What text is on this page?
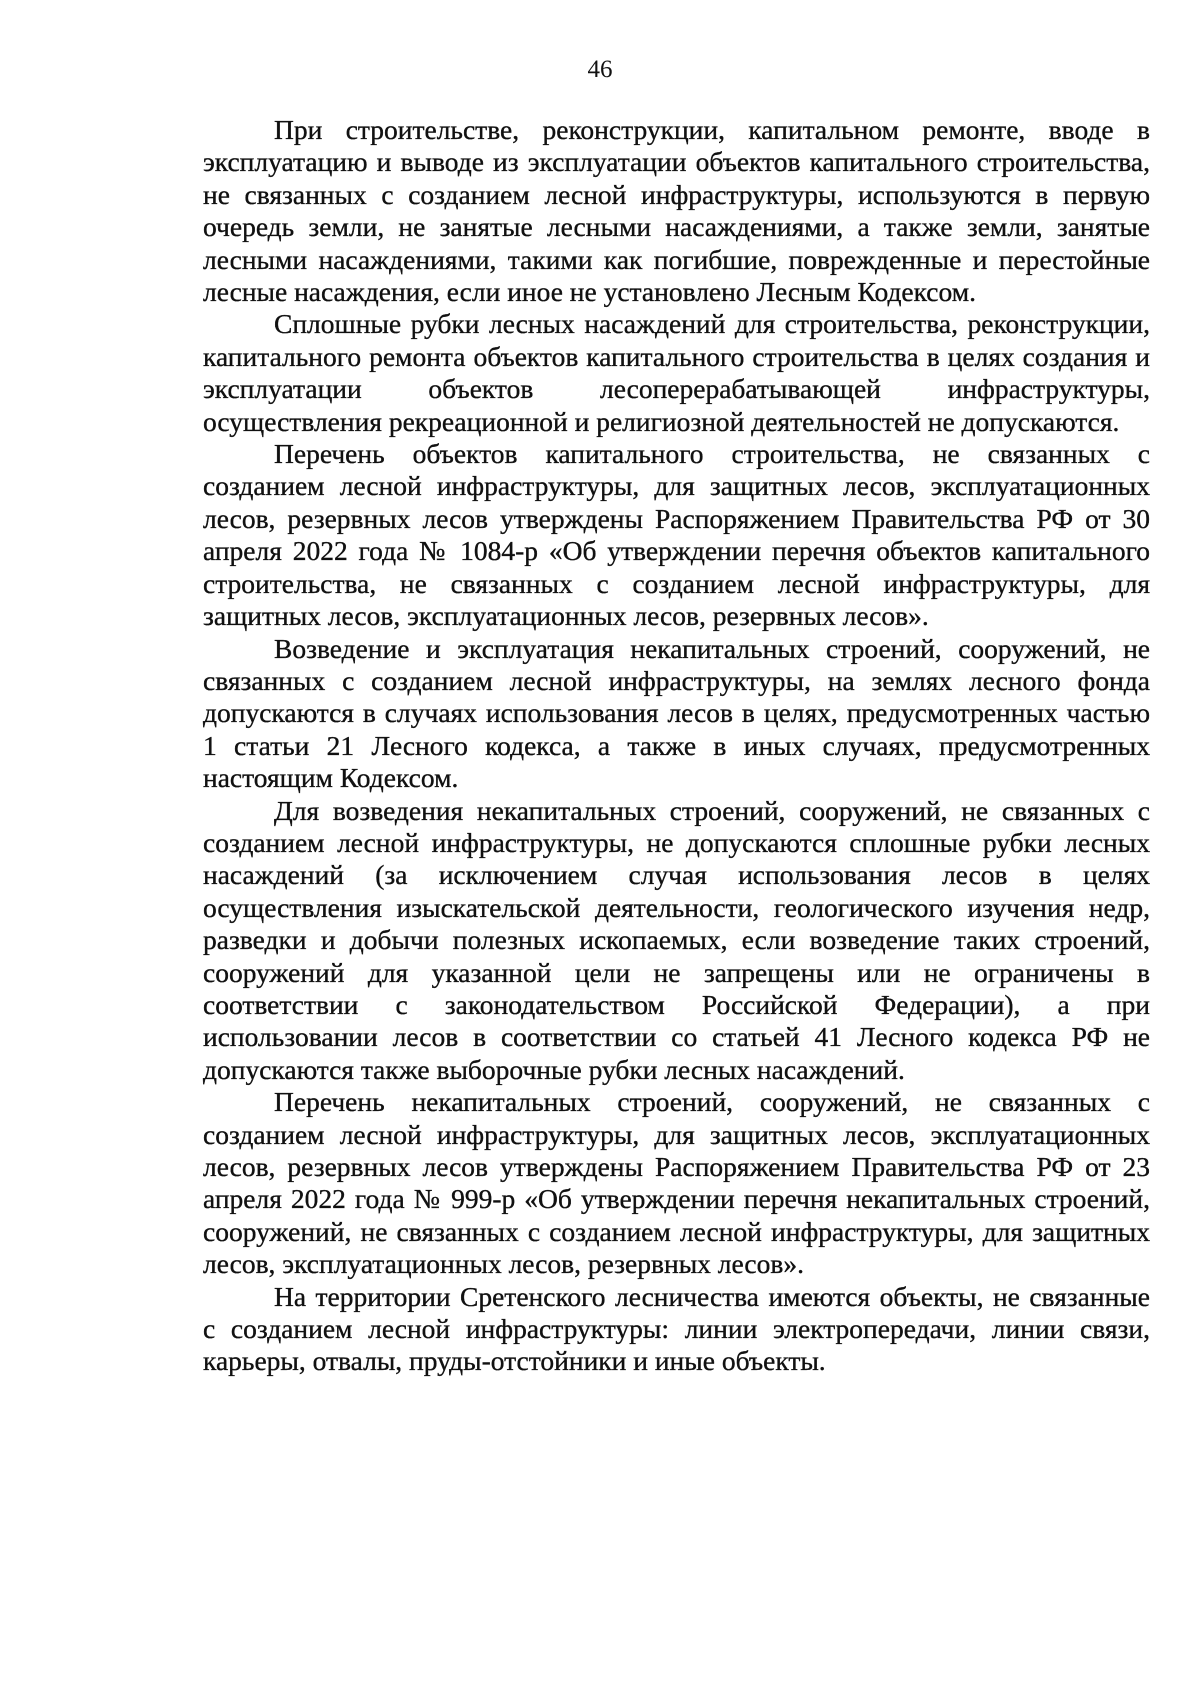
46

При строительстве, реконструкции, капитальном ремонте, вводе в эксплуатацию и выводе из эксплуатации объектов капитального строительства, не связанных с созданием лесной инфраструктуры, используются в первую очередь земли, не занятые лесными насаждениями, а также земли, занятые лесными насаждениями, такими как погибшие, поврежденные и перестойные лесные насаждения, если иное не установлено Лесным Кодексом.

Сплошные рубки лесных насаждений для строительства, реконструкции, капитального ремонта объектов капитального строительства в целях создания и эксплуатации объектов лесоперерабатывающей инфраструктуры, осуществления рекреационной и религиозной деятельностей не допускаются.

Перечень объектов капитального строительства, не связанных с созданием лесной инфраструктуры, для защитных лесов, эксплуатационных лесов, резервных лесов утверждены Распоряжением Правительства РФ от 30 апреля 2022 года № 1084-р «Об утверждении перечня объектов капитального строительства, не связанных с созданием лесной инфраструктуры, для защитных лесов, эксплуатационных лесов, резервных лесов».

Возведение и эксплуатация некапитальных строений, сооружений, не связанных с созданием лесной инфраструктуры, на землях лесного фонда допускаются в случаях использования лесов в целях, предусмотренных частью 1 статьи 21 Лесного кодекса, а также в иных случаях, предусмотренных настоящим Кодексом.

Для возведения некапитальных строений, сооружений, не связанных с созданием лесной инфраструктуры, не допускаются сплошные рубки лесных насаждений (за исключением случая использования лесов в целях осуществления изыскательской деятельности, геологического изучения недр, разведки и добычи полезных ископаемых, если возведение таких строений, сооружений для указанной цели не запрещены или не ограничены в соответствии с законодательством Российской Федерации), а при использовании лесов в соответствии со статьей 41 Лесного кодекса РФ не допускаются также выборочные рубки лесных насаждений.

Перечень некапитальных строений, сооружений, не связанных с созданием лесной инфраструктуры, для защитных лесов, эксплуатационных лесов, резервных лесов утверждены Распоряжением Правительства РФ от 23 апреля 2022 года № 999-р «Об утверждении перечня некапитальных строений, сооружений, не связанных с созданием лесной инфраструктуры, для защитных лесов, эксплуатационных лесов, резервных лесов».

На территории Сретенского лесничества имеются объекты, не связанные с созданием лесной инфраструктуры: линии электропередачи, линии связи, карьеры, отвалы, пруды-отстойники и иные объекты.
